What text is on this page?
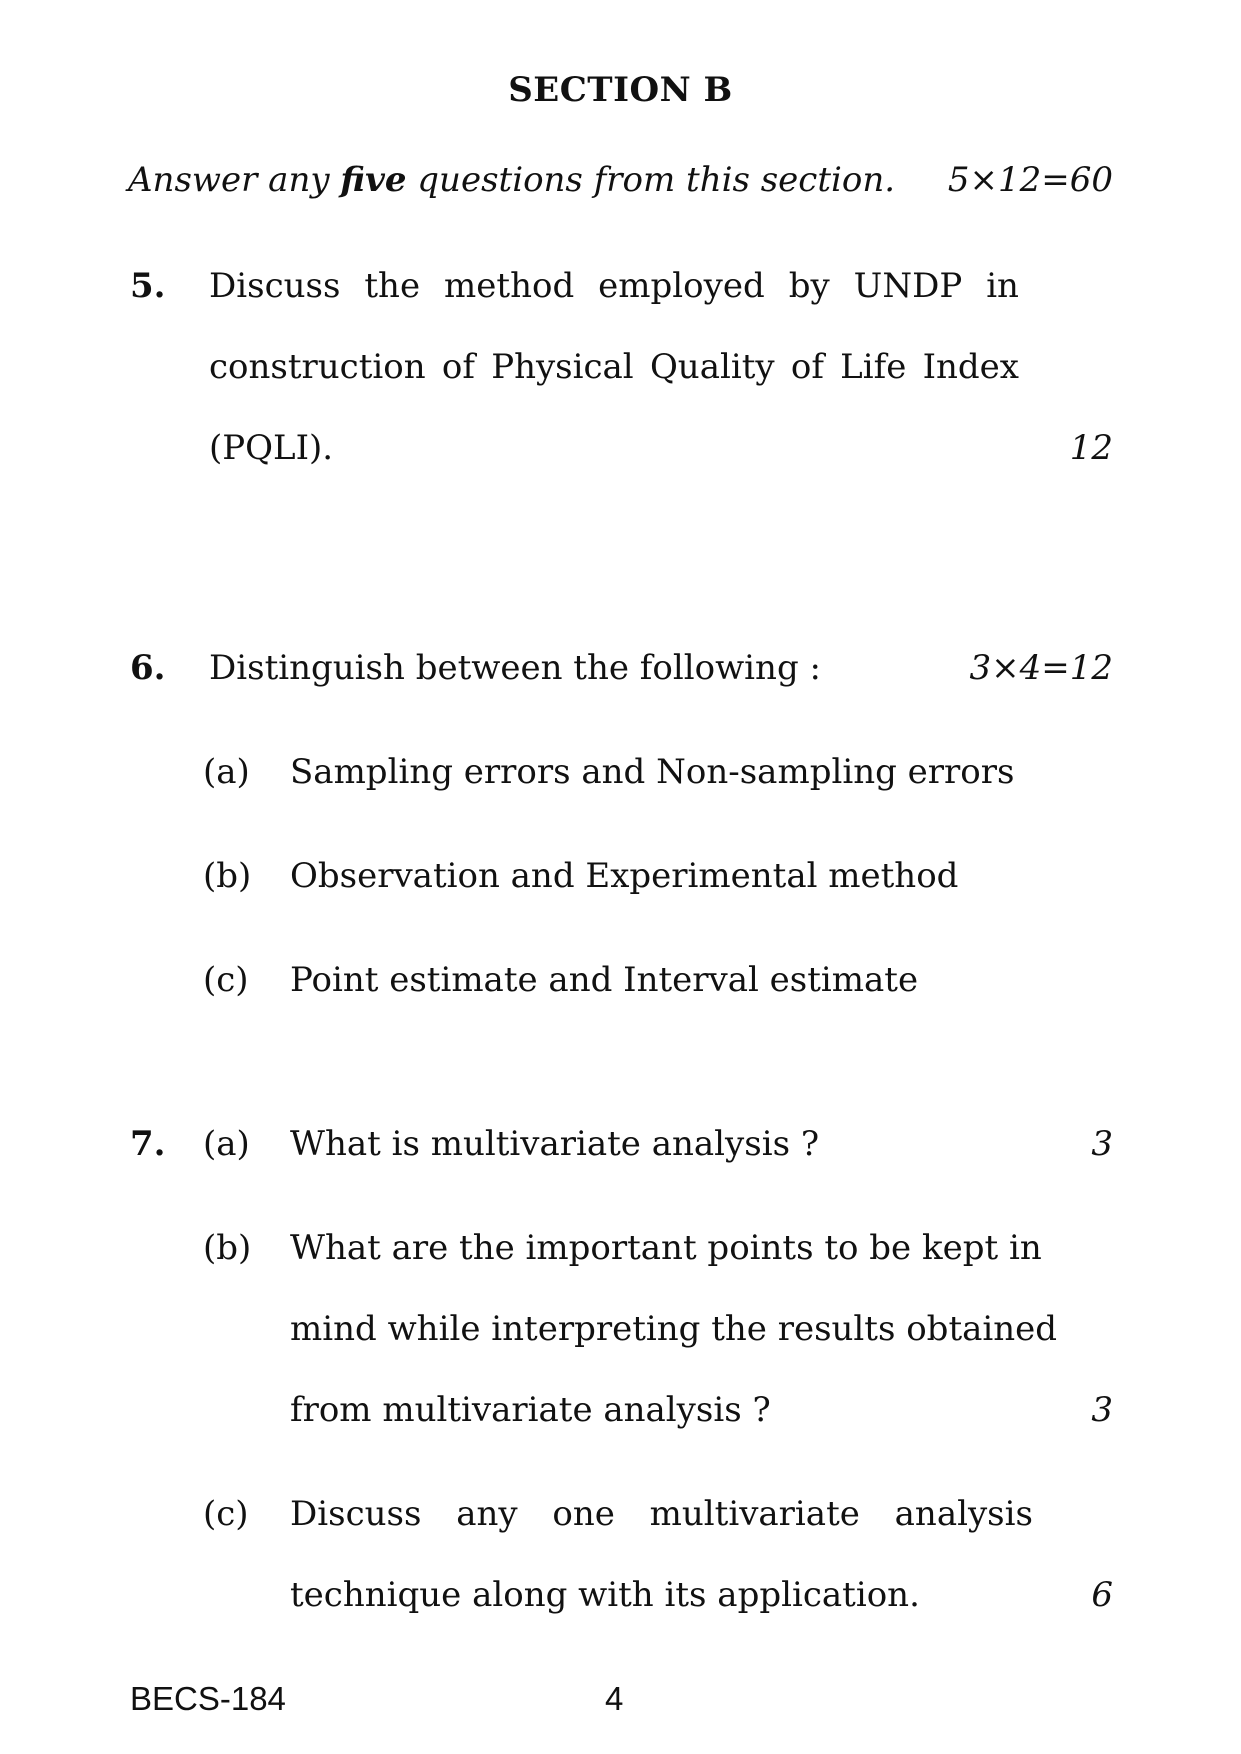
SECTION B
Answer any five questions from this section. 5×12=60
5. Discuss the method employed by UNDP in
construction of Physical Quality of Life Index
(PQLI).	12
6. Distinguish between the following :	3×4=12
(a) Sampling errors and Non-sampling errors
(b) Observation and Experimental method
(c) Point estimate and Interval estimate
7. (a) What is multivariate analysis ?	3
(b) What are the important points to be kept in
mind while interpreting the results obtained
from multivariate analysis ?	3
(c) Discuss any one multivariate analysis
technique along with its application.	6
BECS-184	4
